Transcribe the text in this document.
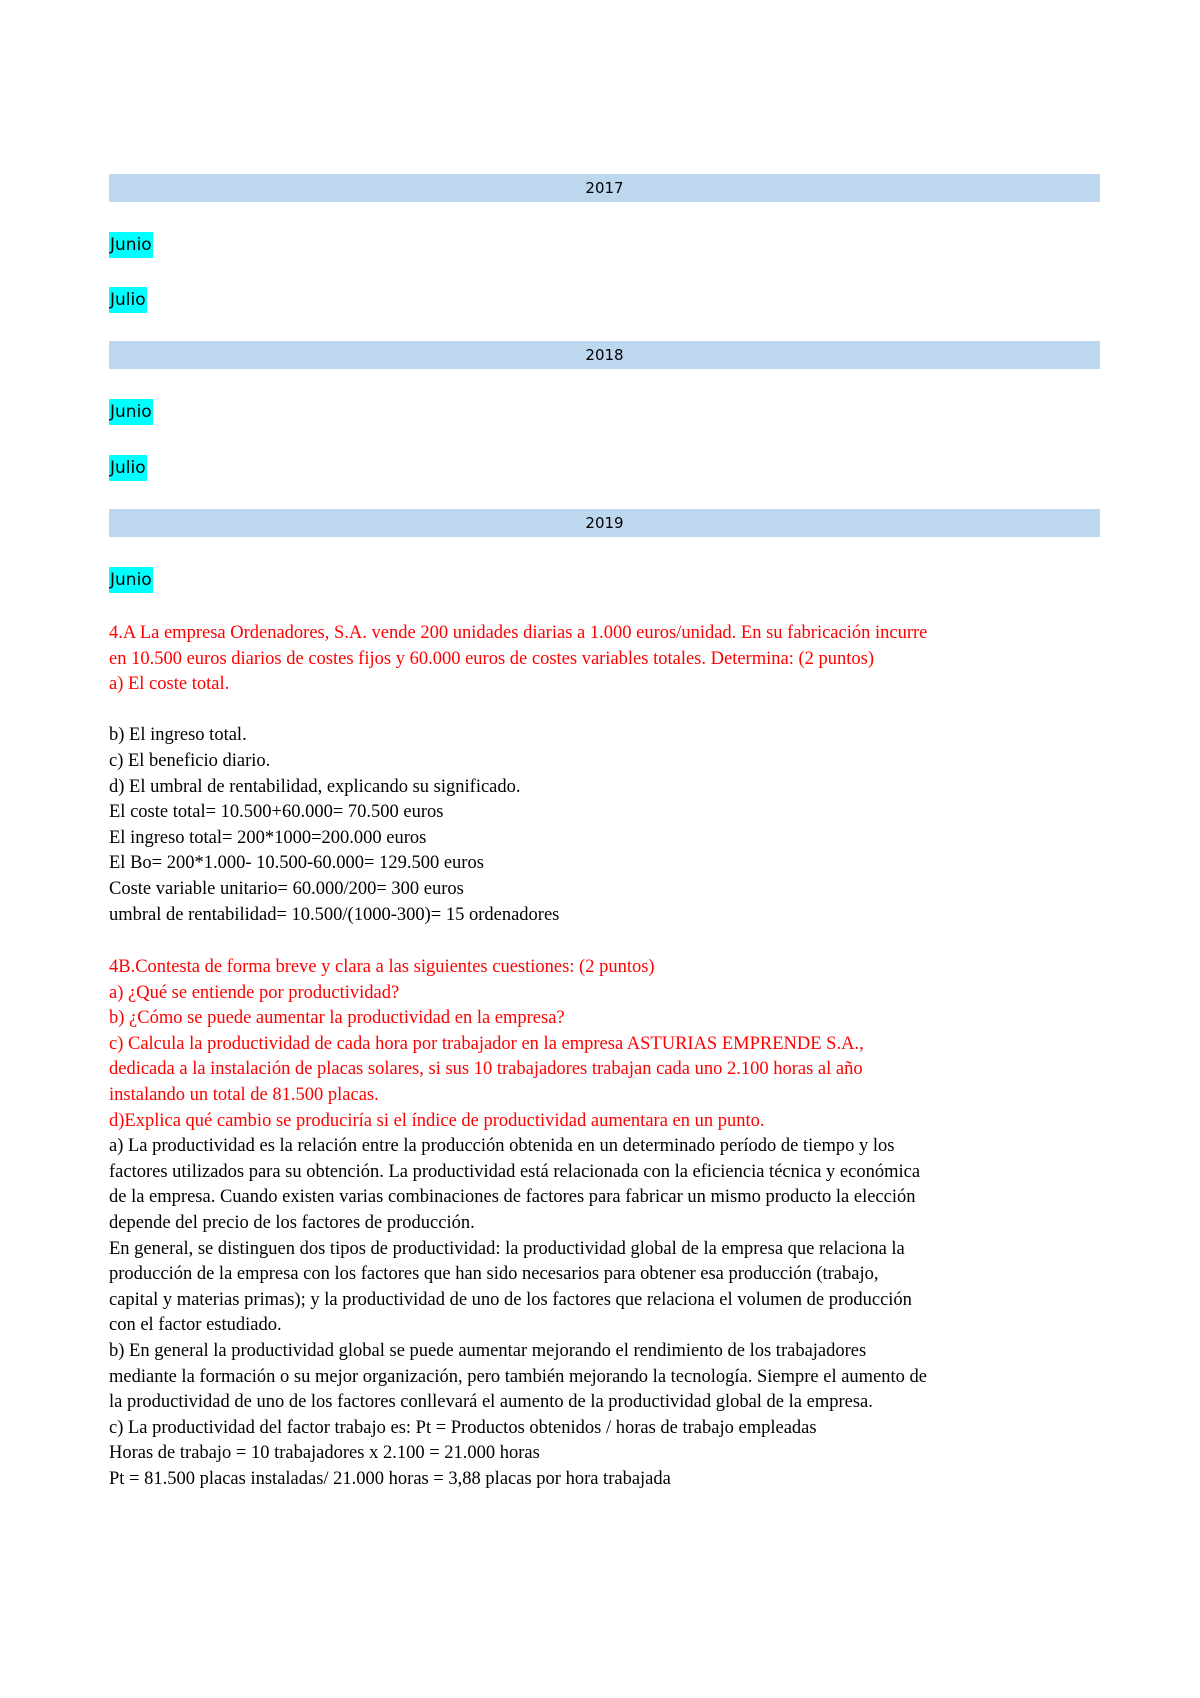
2017
Junio
Julio
2018
Junio
Julio
2019
Junio
4.A La empresa Ordenadores, S.A. vende 200 unidades diarias a 1.000 euros/unidad. En su fabricación incurre
en 10.500 euros diarios de costes fijos y 60.000 euros de costes variables totales. Determina: (2 puntos)
a) El coste total.
b) El ingreso total.
c) El beneficio diario.
d) El umbral de rentabilidad, explicando su significado.
El coste total= 10.500+60.000= 70.500 euros
El ingreso total= 200*1000=200.000 euros
El Bo= 200*1.000- 10.500-60.000= 129.500 euros
Coste variable unitario= 60.000/200= 300 euros
umbral de rentabilidad= 10.500/(1000-300)= 15 ordenadores
4B.Contesta de forma breve y clara a las siguientes cuestiones: (2 puntos)
a) ¿Qué se entiende por productividad?
b) ¿Cómo se puede aumentar la productividad en la empresa?
c) Calcula la productividad de cada hora por trabajador en la empresa ASTURIAS EMPRENDE S.A.,
dedicada a la instalación de placas solares, si sus 10 trabajadores trabajan cada uno 2.100 horas al año
instalando un total de 81.500 placas.
d)Explica qué cambio se produciría si el índice de productividad aumentara en un punto.
a) La productividad es la relación entre la producción obtenida en un determinado período de tiempo y los
factores utilizados para su obtención. La productividad está relacionada con la eficiencia técnica y económica
de la empresa. Cuando existen varias combinaciones de factores para fabricar un mismo producto la elección
depende del precio de los factores de producción.
En general, se distinguen dos tipos de productividad: la productividad global de la empresa que relaciona la
producción de la empresa con los factores que han sido necesarios para obtener esa producción (trabajo,
capital y materias primas); y la productividad de uno de los factores que relaciona el volumen de producción
con el factor estudiado.
b) En general la productividad global se puede aumentar mejorando el rendimiento de los trabajadores
mediante la formación o su mejor organización, pero también mejorando la tecnología. Siempre el aumento de
la productividad de uno de los factores conllevará el aumento de la productividad global de la empresa.
c) La productividad del factor trabajo es: Pt = Productos obtenidos / horas de trabajo empleadas
Horas de trabajo = 10 trabajadores x 2.100 = 21.000 horas
Pt = 81.500 placas instaladas/ 21.000 horas = 3,88 placas por hora trabajada
